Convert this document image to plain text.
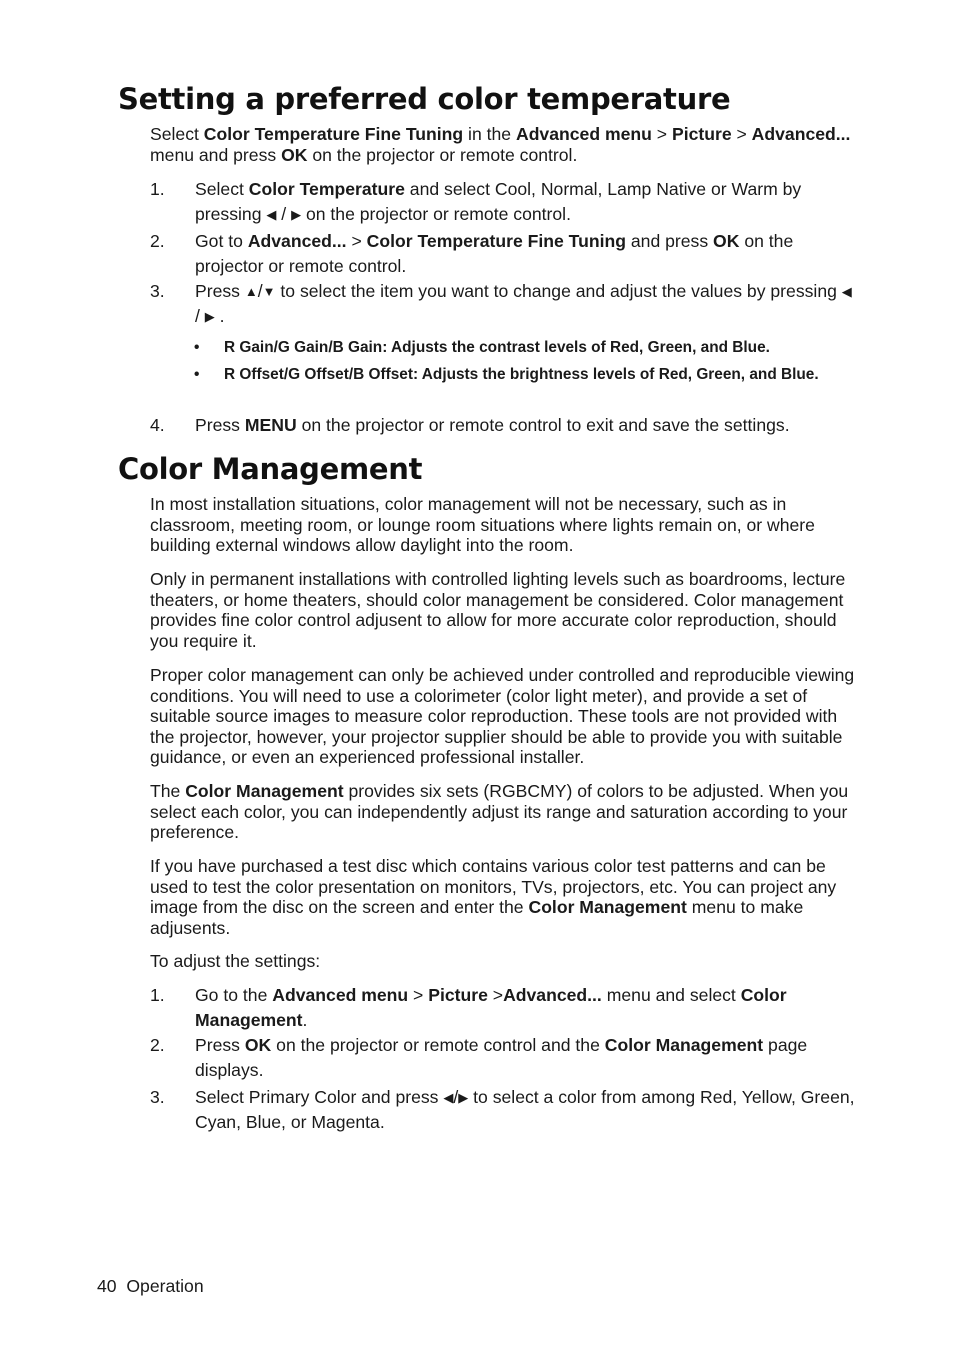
Setting a preferred color temperature

Select Color Temperature Fine Tuning in the Advanced menu > Picture > Advanced... menu and press OK on the projector or remote control.

1. Select Color Temperature and select Cool, Normal, Lamp Native or Warm by pressing ◀ / ▶ on the projector or remote control.
2. Got to Advanced... > Color Temperature Fine Tuning and press OK on the projector or remote control.
3. Press ▲/▼ to select the item you want to change and adjust the values by pressing ◀ / ▶ .
• R Gain/G Gain/B Gain: Adjusts the contrast levels of Red, Green, and Blue.
• R Offset/G Offset/B Offset: Adjusts the brightness levels of Red, Green, and Blue.
4. Press MENU on the projector or remote control to exit and save the settings.
Color Management

In most installation situations, color management will not be necessary, such as in classroom, meeting room, or lounge room situations where lights remain on, or where building external windows allow daylight into the room.

Only in permanent installations with controlled lighting levels such as boardrooms, lecture theaters, or home theaters, should color management be considered. Color management provides fine color control adjusent to allow for more accurate color reproduction, should you require it.

Proper color management can only be achieved under controlled and reproducible viewing conditions. You will need to use a colorimeter (color light meter), and provide a set of suitable source images to measure color reproduction. These tools are not provided with the projector, however, your projector supplier should be able to provide you with suitable guidance, or even an experienced professional installer.

The Color Management provides six sets (RGBCMY) of colors to be adjusted. When you select each color, you can independently adjust its range and saturation according to your preference.

If you have purchased a test disc which contains various color test patterns and can be used to test the color presentation on monitors, TVs, projectors, etc. You can project any image from the disc on the screen and enter the Color Management menu to make adjusents.

To adjust the settings:

1. Go to the Advanced menu > Picture >Advanced... menu and select Color Management.
2. Press OK on the projector or remote control and the Color Management page displays.
3. Select Primary Color and press ◀/▶ to select a color from among Red, Yellow, Green, Cyan, Blue, or Magenta.
40 Operation
